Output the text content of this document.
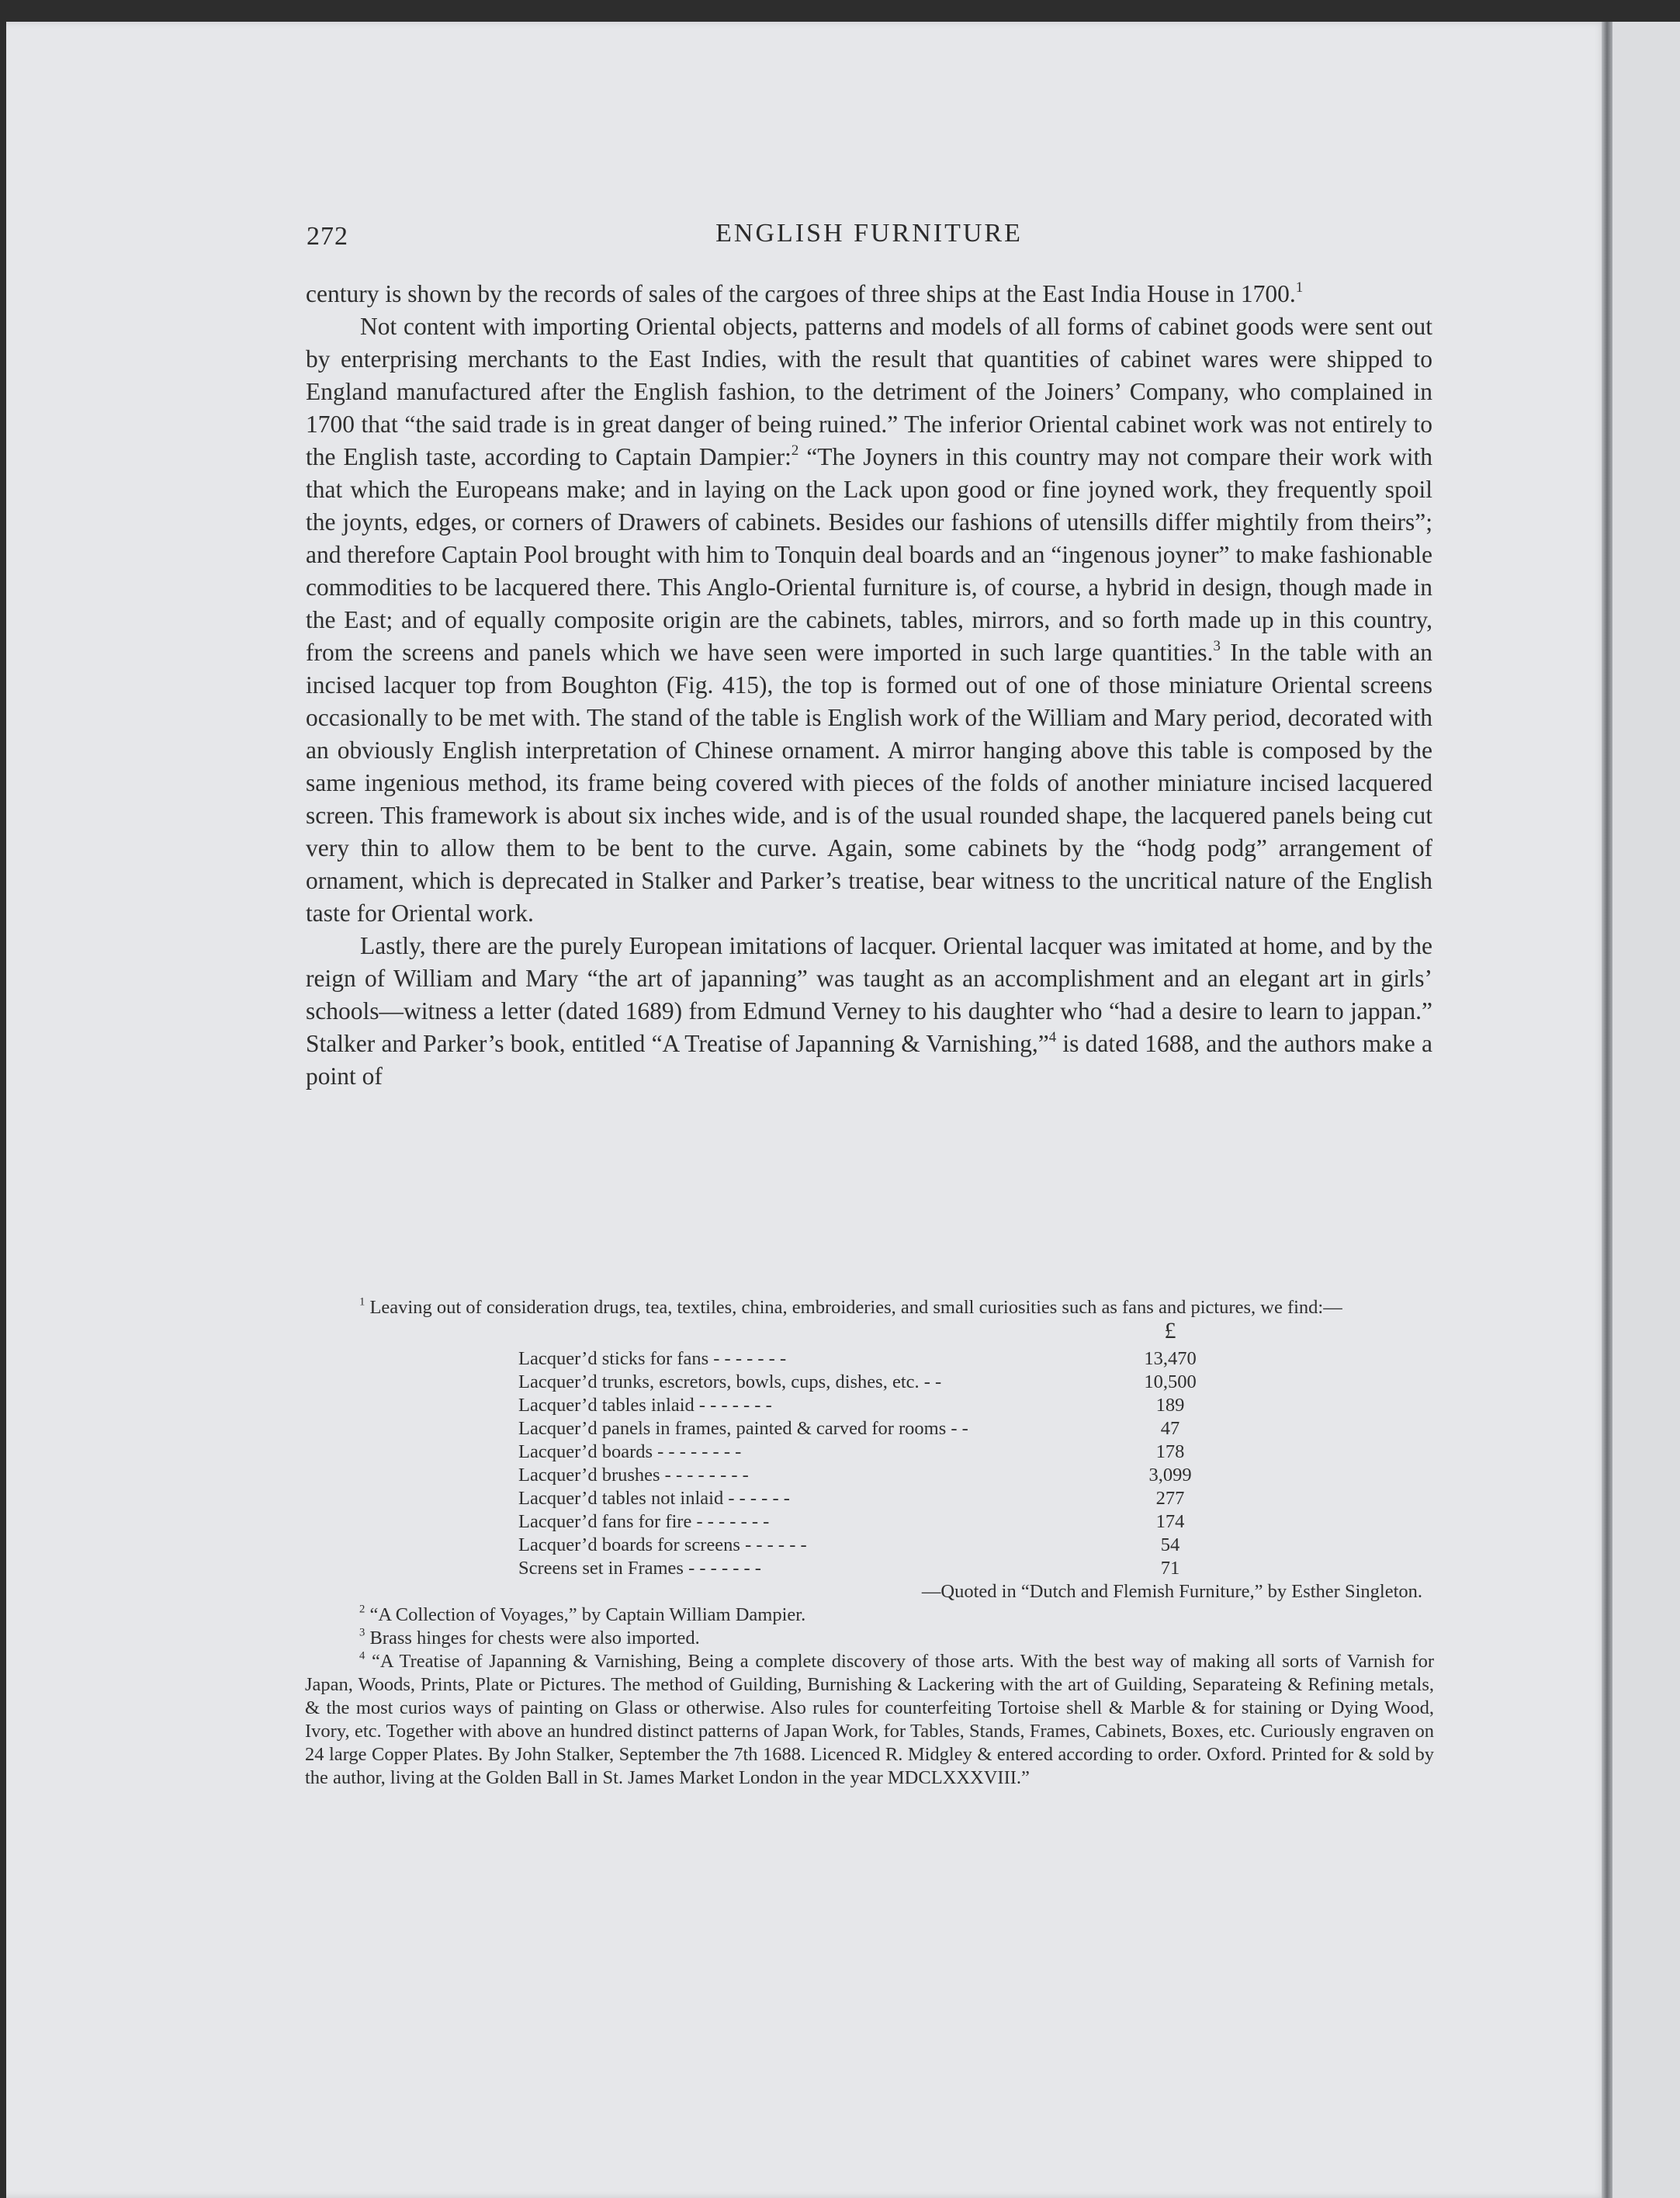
272	ENGLISH FURNITURE

century is shown by the records of sales of the cargoes of three ships at the East India House in 1700.$^1$

Not content with importing Oriental objects, patterns and models of all forms of cabinet goods were sent out by enterprising merchants to the East Indies, with the result that quantities of cabinet wares were shipped to England manufactured after the English fashion, to the detriment of the Joiners’ Company, who complained in 1700 that “the said trade is in great danger of being ruined.” The inferior Oriental cabinet work was not entirely to the English taste, according to Captain Dampier:$^2$ “The Joyners in this country may not compare their work with that which the Europeans make; and in laying on the Lack upon good or fine joyned work, they frequently spoil the joynts, edges, or corners of Drawers of cabinets. Besides our fashions of utensills differ mightily from theirs”; and therefore Captain Pool brought with him to Tonquin deal boards and an “ingenous joyner” to make fashionable commodities to be lacquered there. This Anglo-Oriental furniture is, of course, a hybrid in design, though made in the East; and of equally composite origin are the cabinets, tables, mirrors, and so forth made up in this country, from the screens and panels which we have seen were imported in such large quantities.$^3$ In the table with an incised lacquer top from Boughton (Fig. 415), the top is formed out of one of those miniature Oriental screens occasionally to be met with. The stand of the table is English work of the William and Mary period, decorated with an obviously English interpretation of Chinese ornament. A mirror hanging above this table is composed by the same ingenious method, its frame being covered with pieces of the folds of another miniature incised lacquered screen. This framework is about six inches wide, and is of the usual rounded shape, the lacquered panels being cut very thin to allow them to be bent to the curve. Again, some cabinets by the “hodg podg” arrangement of ornament, which is deprecated in Stalker and Parker’s treatise, bear witness to the uncritical nature of the English taste for Oriental work.

Lastly, there are the purely European imitations of lacquer. Oriental lacquer was imitated at home, and by the reign of William and Mary “the art of japanning” was taught as an accomplishment and an elegant art in girls’ schools—witness a letter (dated 1689) from Edmund Verney to his daughter who “had a desire to learn to jappan.” Stalker and Parker’s book, entitled “A Treatise of Japanning & Varnishing,”$^4$ is dated 1688, and the authors make a point of

$^1$ Leaving out of consideration drugs, tea, textiles, china, embroideries, and small curiosities such as fans and pictures, we find:—

	£
Lacquer’d sticks for fans - - - - - - -	13,470
Lacquer’d trunks, escretors, bowls, cups, dishes, etc. - -	10,500
Lacquer’d tables inlaid - - - - - - -	189
Lacquer’d panels in frames, painted & carved for rooms - -	47
Lacquer’d boards - - - - - - - -	178
Lacquer’d brushes - - - - - - - -	3,099
Lacquer’d tables not inlaid - - - - - -	277
Lacquer’d fans for fire - - - - - - -	174
Lacquer’d boards for screens - - - - - -	54
Screens set in Frames - - - - - - -	71
—Quoted in “Dutch and Flemish Furniture,” by Esther Singleton.

$^2$ “A Collection of Voyages,” by Captain William Dampier.

$^3$ Brass hinges for chests were also imported.

$^4$ “A Treatise of Japanning & Varnishing, Being a complete discovery of those arts. With the best way of making all sorts of Varnish for Japan, Woods, Prints, Plate or Pictures. The method of Guilding, Burnishing & Lackering with the art of Guilding, Separateing & Refining metals, & the most curios ways of painting on Glass or otherwise. Also rules for counterfeiting Tortoise shell & Marble & for staining or Dying Wood, Ivory, etc. Together with above an hundred distinct patterns of Japan Work, for Tables, Stands, Frames, Cabinets, Boxes, etc. Curiously engraven on 24 large Copper Plates. By John Stalker, September the 7th 1688. Licenced R. Midgley & entered according to order. Oxford. Printed for & sold by the author, living at the Golden Ball in St. James Market London in the year MDCLXXXVIII.”
